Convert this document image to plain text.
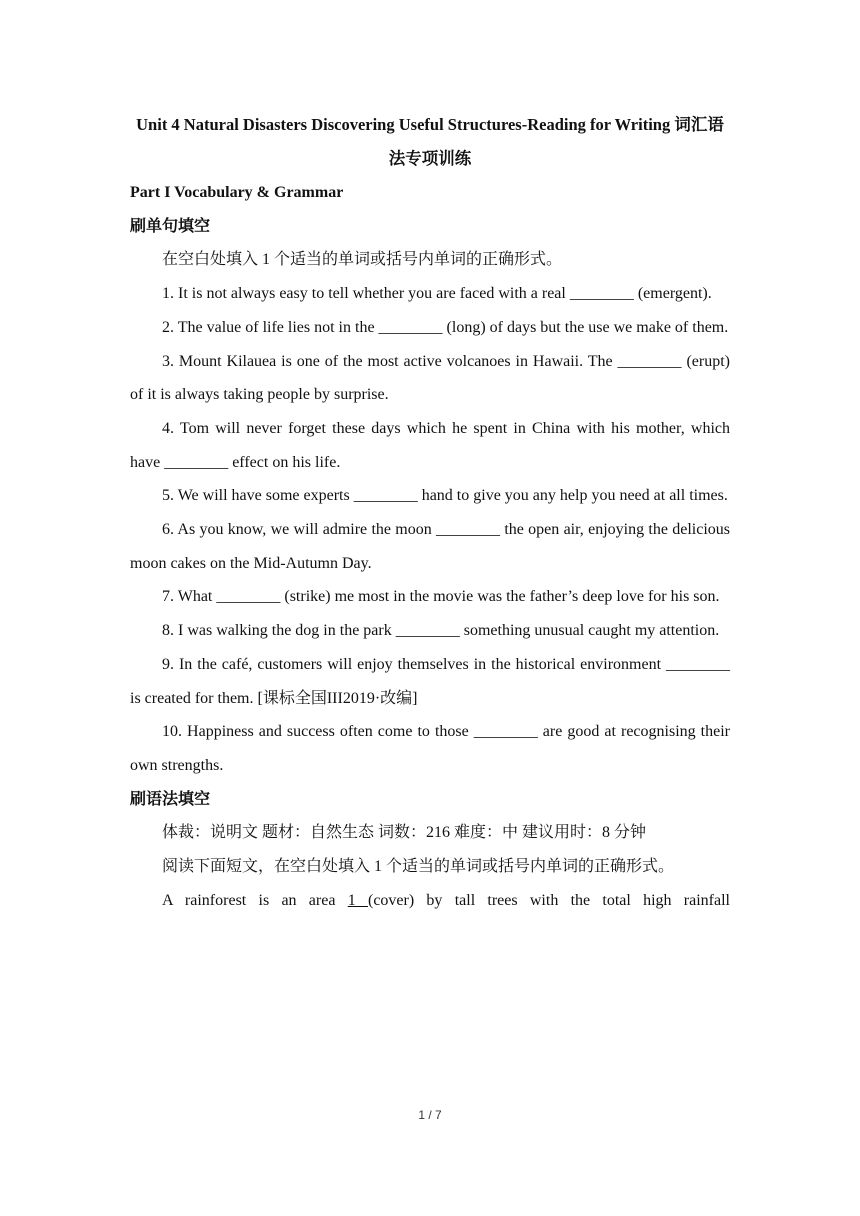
Unit 4 Natural Disasters Discovering Useful Structures-Reading for Writing 词汇语法专项训练

Part I Vocabulary & Grammar

刷单句填空

在空白处填入 1 个适当的单词或括号内单词的正确形式。

1. It is not always easy to tell whether you are faced with a real ________ (emergent).

2. The value of life lies not in the ________ (long) of days but the use we make of them.

3. Mount Kilauea is one of the most active volcanoes in Hawaii. The ________ (erupt) of it is always taking people by surprise.

4. Tom will never forget these days which he spent in China with his mother, which have ________ effect on his life.

5. We will have some experts ________ hand to give you any help you need at all times.

6. As you know, we will admire the moon ________ the open air, enjoying the delicious moon cakes on the Mid-Autumn Day.

7. What ________ (strike) me most in the movie was the father’s deep love for his son.

8. I was walking the dog in the park ________ something unusual caught my attention.

9. In the café, customers will enjoy themselves in the historical environment ________ is created for them. [课标全国III2019·改编]

10. Happiness and success often come to those ________ are good at recognising their own strengths.

刷语法填空

体裁：说明文 题材：自然生态 词数：216 难度：中 建议用时：8 分钟

阅读下面短文，在空白处填入 1 个适当的单词或括号内单词的正确形式。

A rainforest is an area 1 (cover) by tall trees with the total high rainfall

1 / 7
